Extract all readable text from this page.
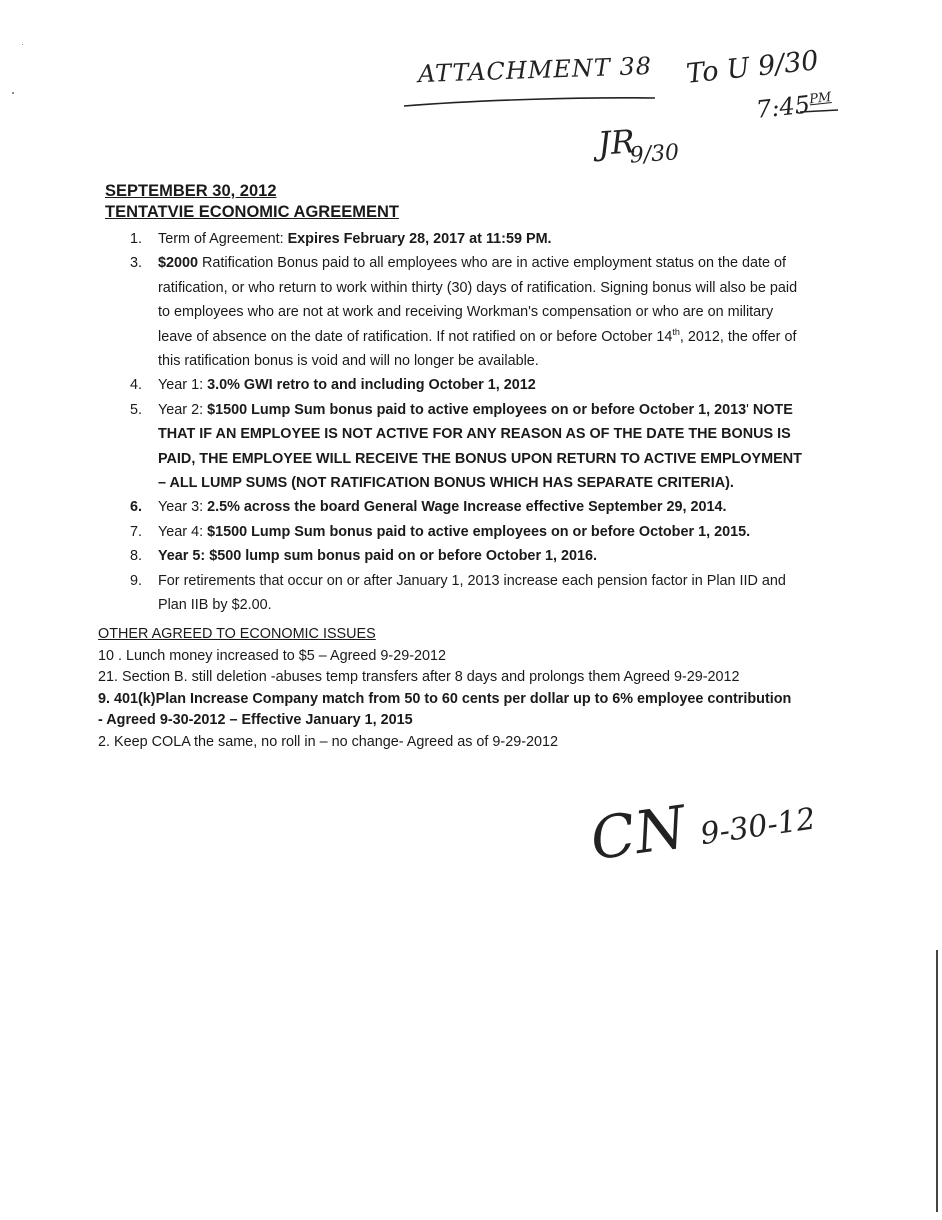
ATTACHMENT 38 To U 9/30
$7:45^{PM}$
JR9/30
CN 9-30-12
SEPTEMBER 30, 2012
TENTATVIE ECONOMIC AGREEMENT
1. Term of Agreement: Expires February 28, 2017 at 11:59 PM.
3. $2000 Ratification Bonus paid to all employees who are in active employment status on the date of ratification, or who return to work within thirty (30) days of ratification. Signing bonus will also be paid to employees who are not at work and receiving Workman's compensation or who are on military leave of absence on the date of ratification. If not ratified on or before October 14th, 2012, the offer of this ratification bonus is void and will no longer be available.
4. Year 1: 3.0% GWI retro to and including October 1, 2012
5. Year 2: $1500 Lump Sum bonus paid to active employees on or before October 1, 2013' NOTE THAT IF AN EMPLOYEE IS NOT ACTIVE FOR ANY REASON AS OF THE DATE THE BONUS IS PAID, THE EMPLOYEE WILL RECEIVE THE BONUS UPON RETURN TO ACTIVE EMPLOYMENT – ALL LUMP SUMS (NOT RATIFICATION BONUS WHICH HAS SEPARATE CRITERIA).
6. Year 3: 2.5% across the board General Wage Increase effective September 29, 2014.
7. Year 4: $1500 Lump Sum bonus paid to active employees on or before October 1, 2015.
8. Year 5: $500 lump sum bonus paid on or before October 1, 2016.
9. For retirements that occur on or after January 1, 2013 increase each pension factor in Plan IID and Plan IIB by $2.00.
OTHER AGREED TO ECONOMIC ISSUES
10 . Lunch money increased to $5 – Agreed 9-29-2012
21. Section B. still deletion -abuses temp transfers after 8 days and prolongs them Agreed 9-29-2012
9. 401(k)Plan Increase Company match from 50 to 60 cents per dollar up to 6% employee contribution
- Agreed 9-30-2012 – Effective January 1, 2015
2. Keep COLA the same, no roll in – no change- Agreed as of 9-29-2012
